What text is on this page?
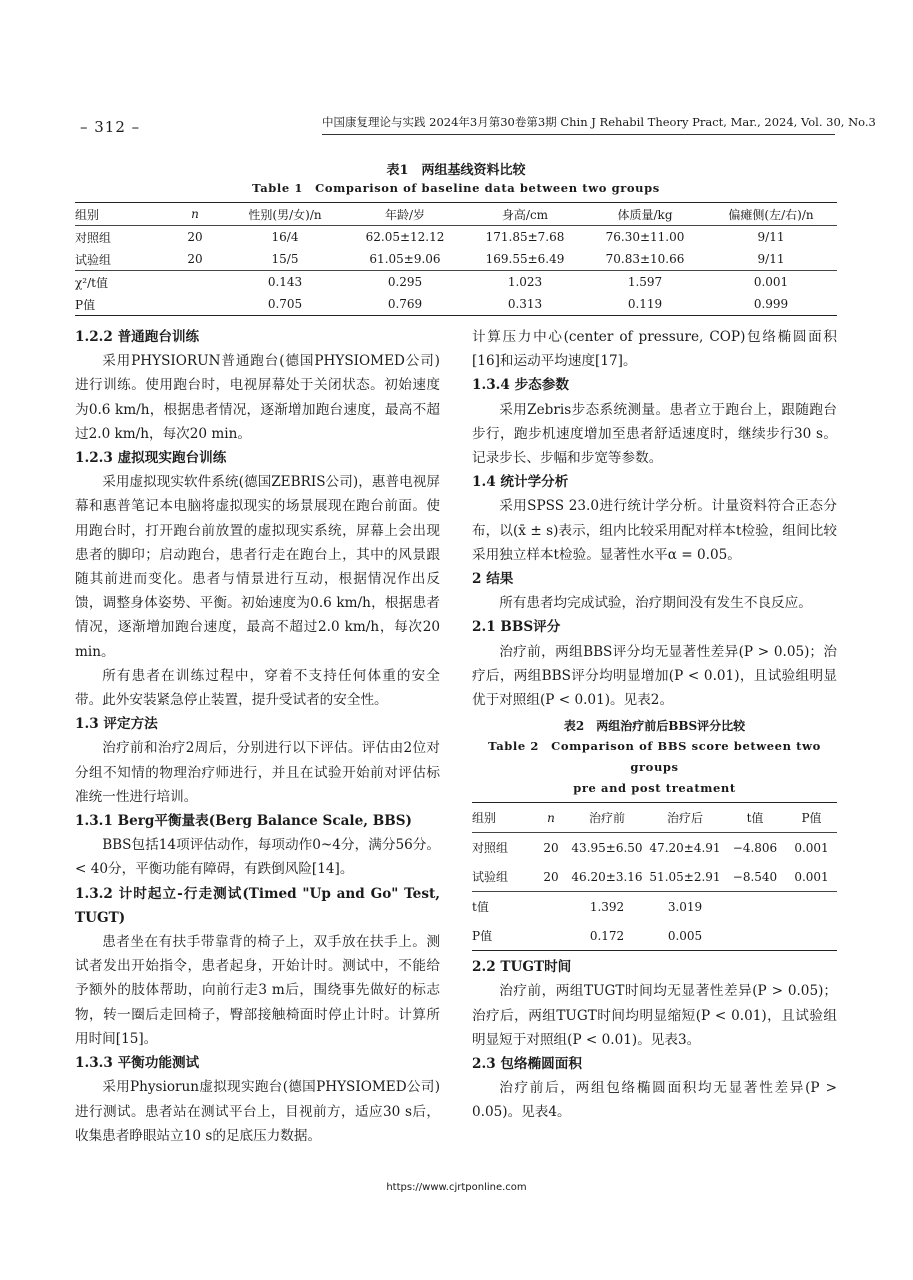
– 312 –	中国康复理论与实践 2024年3月第30卷第3期 Chin J Rehabil Theory Pract, Mar., 2024, Vol. 30, No.3
表1　两组基线资料比较
Table 1　Comparison of baseline data between two groups
组别	n	性别(男/女)/n	年龄/岁	身高/cm	体质量/kg	偏瘫侧(左/右)/n
对照组	20	16/4	62.05±12.12	171.85±7.68	76.30±11.00	9/11
试验组	20	15/5	61.05±9.06	169.55±6.49	70.83±10.66	9/11
χ²/t值		0.143	0.295	1.023	1.597	0.001
P值		0.705	0.769	0.313	0.119	0.999

1.2.2 普通跑台训练

采用PHYSIORUN普通跑台(德国PHYSIOMED公司)进行训练。使用跑台时，电视屏幕处于关闭状态。初始速度为0.6 km/h，根据患者情况，逐渐增加跑台速度，最高不超过2.0 km/h，每次20 min。

1.2.3 虚拟现实跑台训练

采用虚拟现实软件系统(德国ZEBRIS公司)，惠普电视屏幕和惠普笔记本电脑将虚拟现实的场景展现在跑台前面。使用跑台时，打开跑台前放置的虚拟现实系统，屏幕上会出现患者的脚印；启动跑台，患者行走在跑台上，其中的风景跟随其前进而变化。患者与情景进行互动，根据情况作出反馈，调整身体姿势、平衡。初始速度为0.6 km/h，根据患者情况，逐渐增加跑台速度，最高不超过2.0 km/h，每次20 min。

所有患者在训练过程中，穿着不支持任何体重的安全带。此外安装紧急停止装置，提升受试者的安全性。

1.3 评定方法

治疗前和治疗2周后，分别进行以下评估。评估由2位对分组不知情的物理治疗师进行，并且在试验开始前对评估标准统一性进行培训。

1.3.1 Berg平衡量表(Berg Balance Scale, BBS)

BBS包括14项评估动作，每项动作0~4分，满分56分。< 40分，平衡功能有障碍，有跌倒风险[14]。

1.3.2 计时起立-行走测试(Timed "Up and Go" Test, TUGT)

患者坐在有扶手带靠背的椅子上，双手放在扶手上。测试者发出开始指令，患者起身，开始计时。测试中，不能给予额外的肢体帮助，向前行走3 m后，围绕事先做好的标志物，转一圈后走回椅子，臀部接触椅面时停止计时。计算所用时间[15]。

1.3.3 平衡功能测试

采用Physiorun虚拟现实跑台(德国PHYSIOMED公司)进行测试。患者站在测试平台上，目视前方，适应30 s后，收集患者睁眼站立10 s的足底压力数据。

计算压力中心(center of pressure, COP)包络椭圆面积[16]和运动平均速度[17]。

1.3.4 步态参数

采用Zebris步态系统测量。患者立于跑台上，跟随跑台步行，跑步机速度增加至患者舒适速度时，继续步行30 s。记录步长、步幅和步宽等参数。

1.4 统计学分析

采用SPSS 23.0进行统计学分析。计量资料符合正态分布，以(x̄ ± s)表示，组内比较采用配对样本t检验，组间比较采用独立样本t检验。显著性水平α = 0.05。

2 结果

所有患者均完成试验，治疗期间没有发生不良反应。

2.1 BBS评分

治疗前，两组BBS评分均无显著性差异(P > 0.05)；治疗后，两组BBS评分均明显增加(P < 0.01)，且试验组明显优于对照组(P < 0.01)。见表2。

表2　两组治疗前后BBS评分比较
Table 2　Comparison of BBS score between two groups
pre and post treatment
组别	n	治疗前	治疗后	t值	P值
对照组	20	43.95±6.50	47.20±4.91	−4.806	0.001
试验组	20	46.20±3.16	51.05±2.91	−8.540	0.001
t值		1.392	3.019		
P值		0.172	0.005		

2.2 TUGT时间

治疗前，两组TUGT时间均无显著性差异(P > 0.05)；治疗后，两组TUGT时间均明显缩短(P < 0.01)，且试验组明显短于对照组(P < 0.01)。见表3。

2.3 包络椭圆面积

治疗前后，两组包络椭圆面积均无显著性差异(P > 0.05)。见表4。

https://www.cjrtponline.com
